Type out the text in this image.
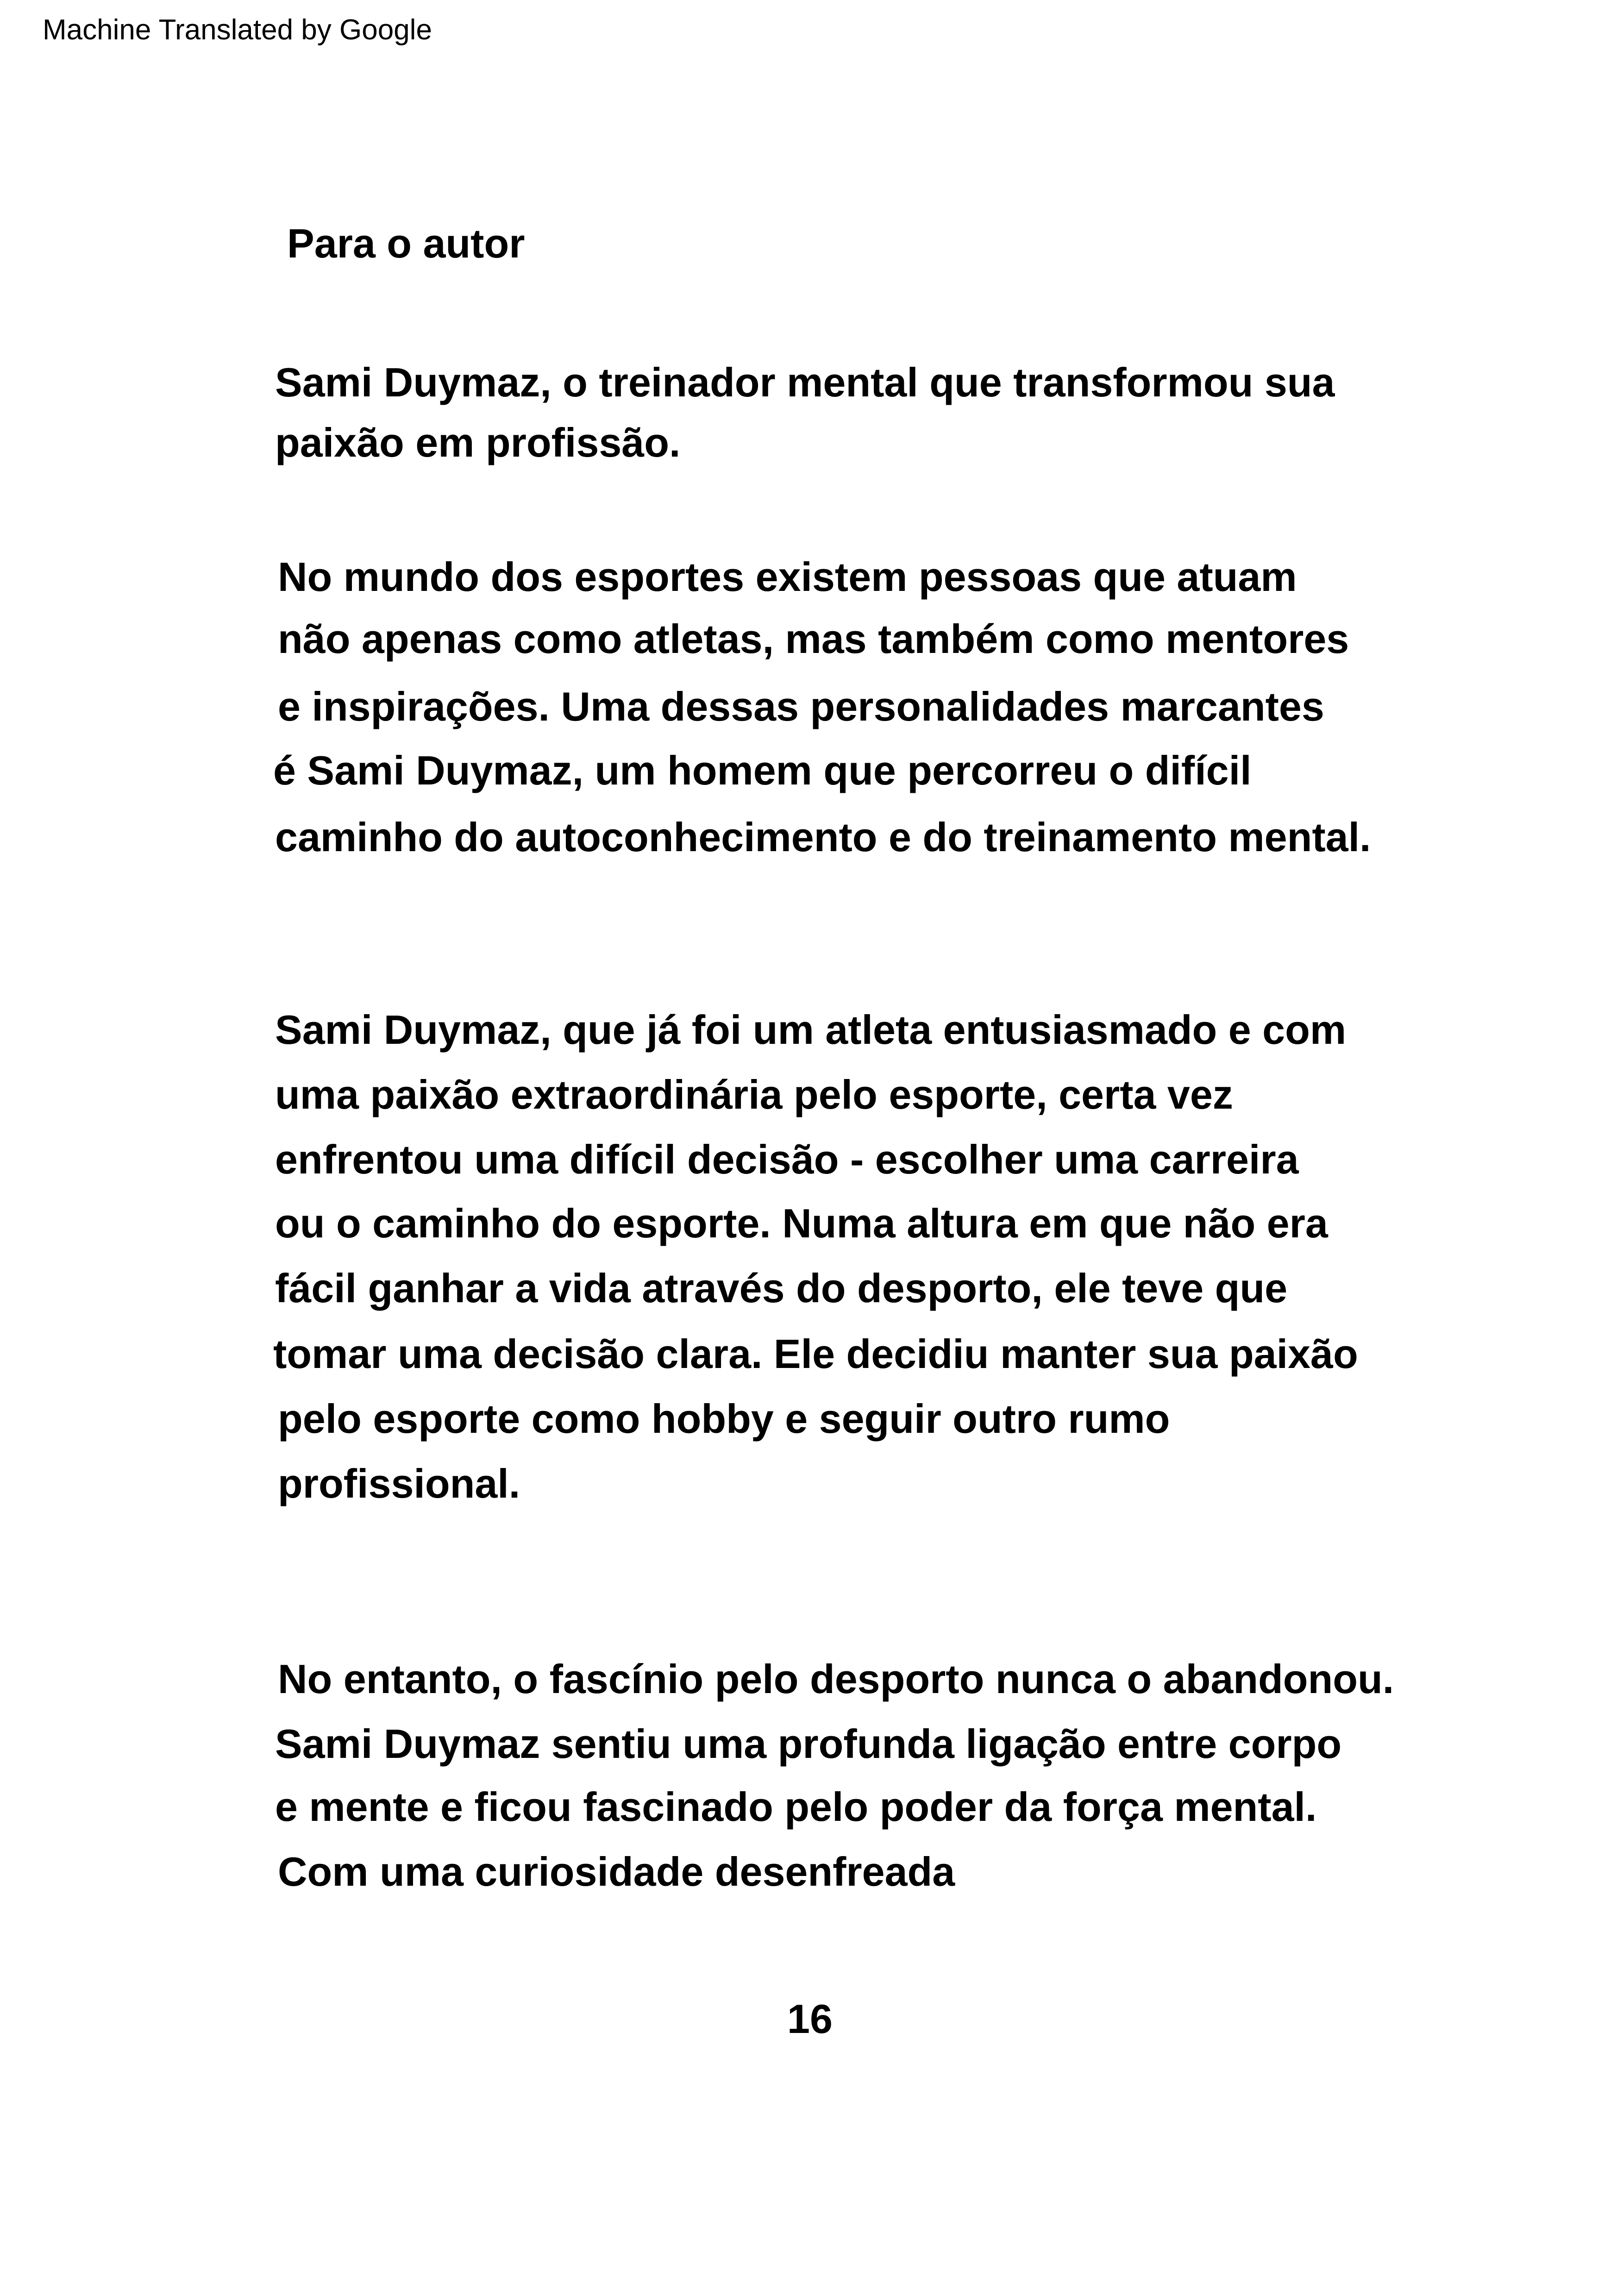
Machine Translated by Google
Para o autor
Sami Duymaz, o treinador mental que transformou sua
paixão em profissão.
No mundo dos esportes existem pessoas que atuam
não apenas como atletas, mas também como mentores
e inspirações. Uma dessas personalidades marcantes
é Sami Duymaz, um homem que percorreu o difícil
caminho do autoconhecimento e do treinamento mental.
Sami Duymaz, que já foi um atleta entusiasmado e com
uma paixão extraordinária pelo esporte, certa vez
enfrentou uma difícil decisão - escolher uma carreira
ou o caminho do esporte. Numa altura em que não era
fácil ganhar a vida através do desporto, ele teve que
tomar uma decisão clara. Ele decidiu manter sua paixão
pelo esporte como hobby e seguir outro rumo
profissional.
No entanto, o fascínio pelo desporto nunca o abandonou.
Sami Duymaz sentiu uma profunda ligação entre corpo
e mente e ficou fascinado pelo poder da força mental.
Com uma curiosidade desenfreada
16
